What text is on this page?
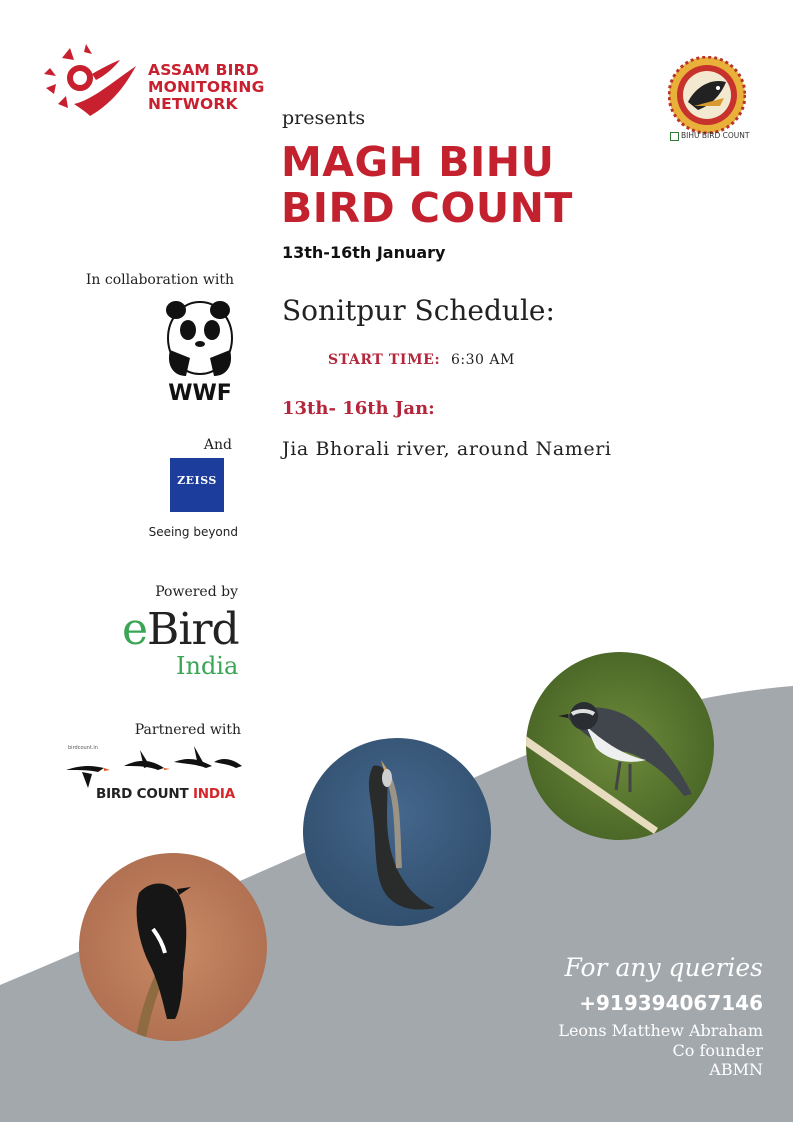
ASSAM BIRD
MONITORING
NETWORK
presents
MAGH BIHU
BIRD COUNT
13th-16th January
BIHU BIRD COUNT
In collaboration with
WWF
And
ZEISS
Seeing beyond
Powered by
eBird
India
Partnered with
birdcount.in
BIRD COUNT INDIA
Sonitpur Schedule:
START TIME: 6:30 AM
13th- 16th Jan:
Jia Bhorali river, around Nameri
For any queries
+919394067146
Leons Matthew Abraham
Co founder
ABMN
